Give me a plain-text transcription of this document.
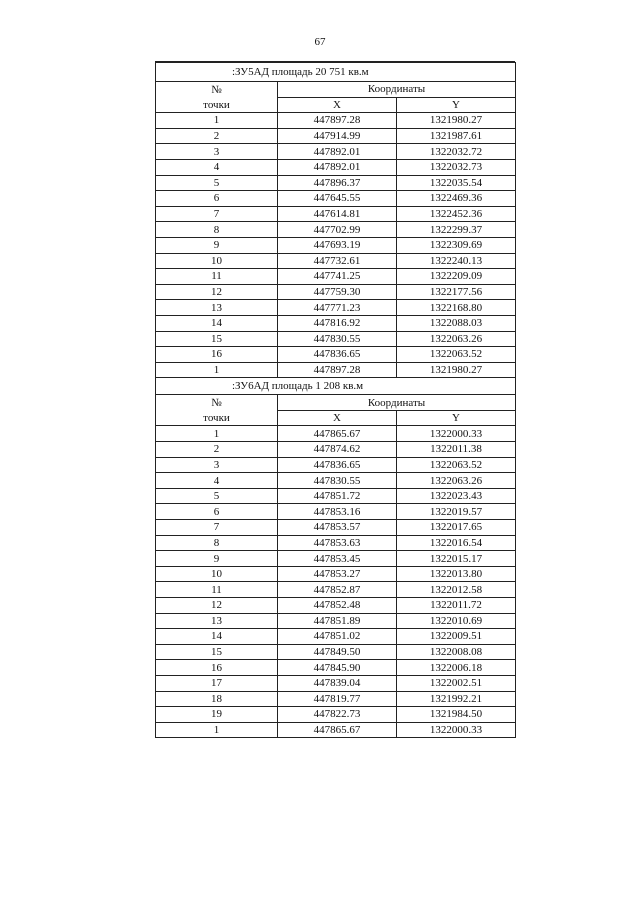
67
:ЗУ5АД площадь 20 751 кв.м		
№	Координаты	
точки	X	Y
1	447897.28	1321980.27
2	447914.99	1321987.61
3	447892.01	1322032.72
4	447892.01	1322032.73
5	447896.37	1322035.54
6	447645.55	1322469.36
7	447614.81	1322452.36
8	447702.99	1322299.37
9	447693.19	1322309.69
10	447732.61	1322240.13
11	447741.25	1322209.09
12	447759.30	1322177.56
13	447771.23	1322168.80
14	447816.92	1322088.03
15	447830.55	1322063.26
16	447836.65	1322063.52
1	447897.28	1321980.27
:ЗУ6АД площадь 1 208 кв.м		
№	Координаты	
точки	X	Y
1	447865.67	1322000.33
2	447874.62	1322011.38
3	447836.65	1322063.52
4	447830.55	1322063.26
5	447851.72	1322023.43
6	447853.16	1322019.57
7	447853.57	1322017.65
8	447853.63	1322016.54
9	447853.45	1322015.17
10	447853.27	1322013.80
11	447852.87	1322012.58
12	447852.48	1322011.72
13	447851.89	1322010.69
14	447851.02	1322009.51
15	447849.50	1322008.08
16	447845.90	1322006.18
17	447839.04	1322002.51
18	447819.77	1321992.21
19	447822.73	1321984.50
1	447865.67	1322000.33
